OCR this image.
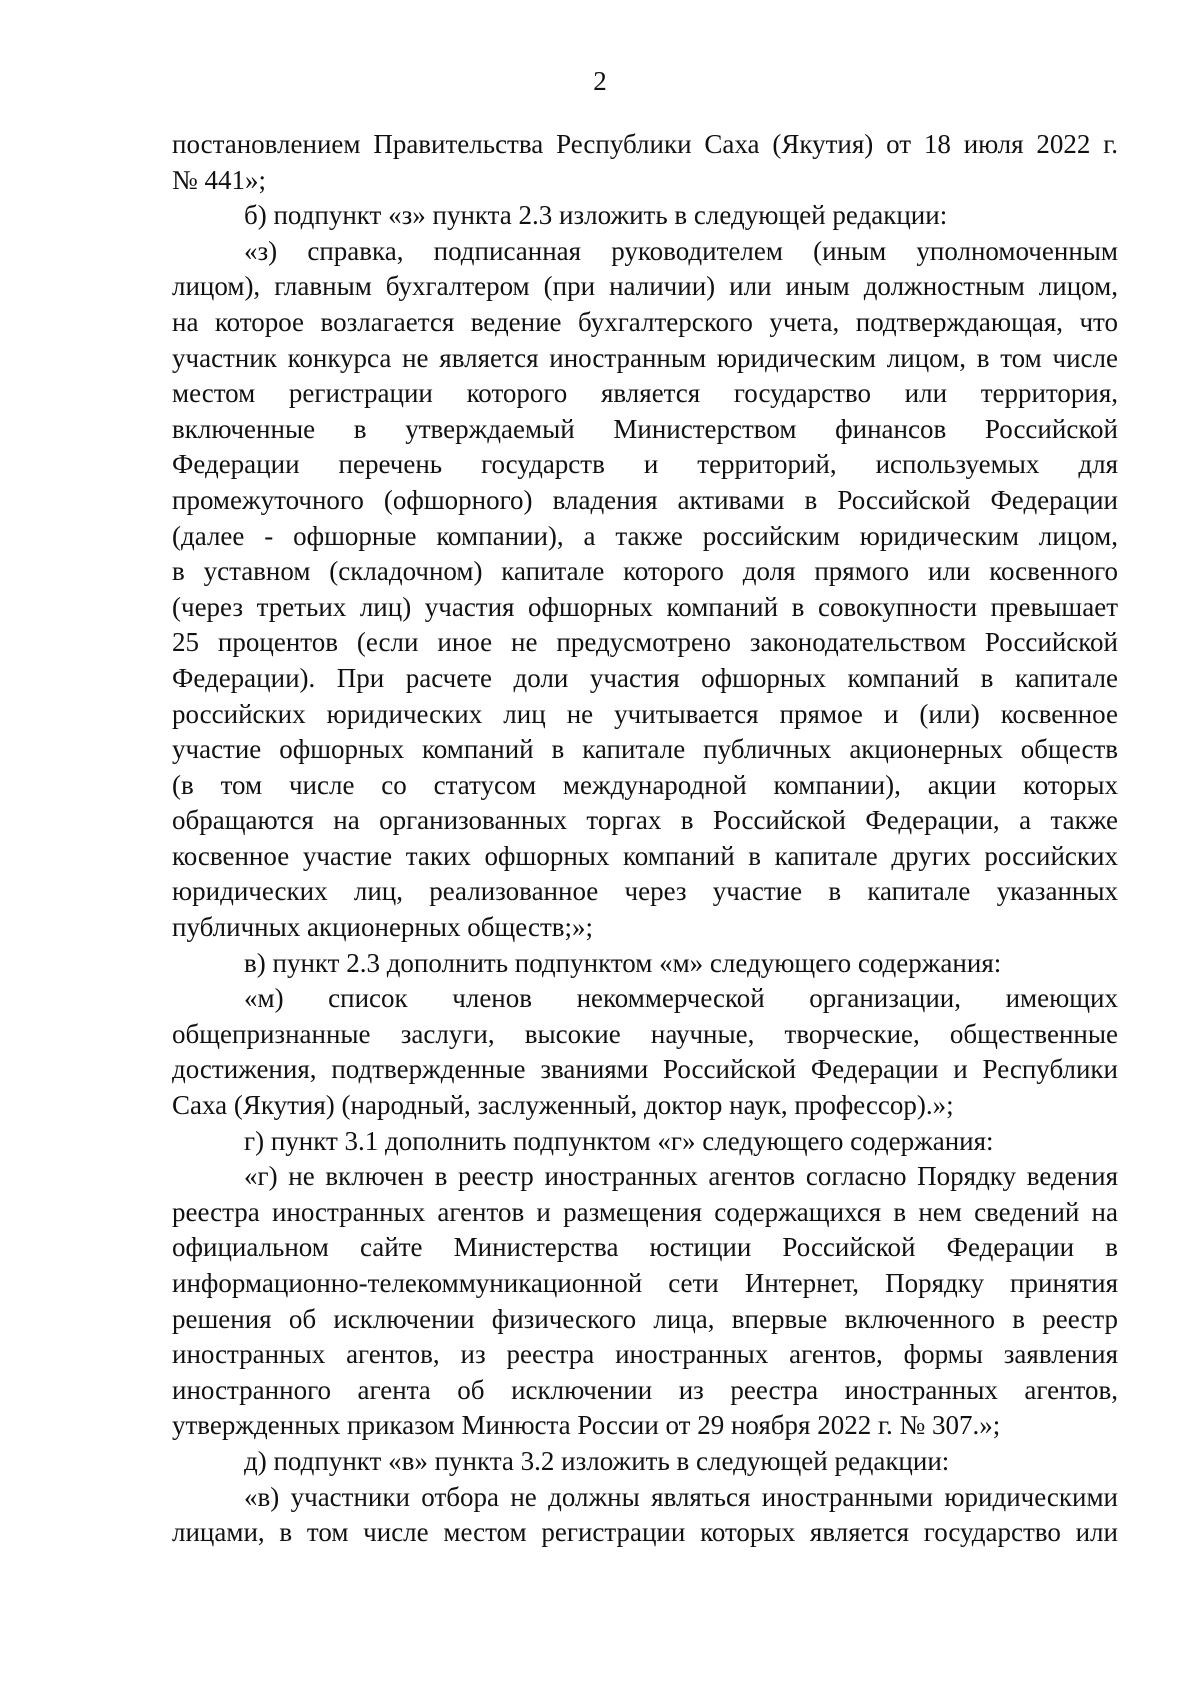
2
постановлением Правительства Республики Саха (Якутия) от 18 июля 2022 г.
№ 441»;
б) подпункт «з» пункта 2.3 изложить в следующей редакции:
«з) справка, подписанная руководителем (иным уполномоченным
лицом), главным бухгалтером (при наличии) или иным должностным лицом,
на которое возлагается ведение бухгалтерского учета, подтверждающая, что
участник конкурса не является иностранным юридическим лицом, в том числе
местом регистрации которого является государство или территория,
включенные в утверждаемый Министерством финансов Российской
Федерации перечень государств и территорий, используемых для
промежуточного (офшорного) владения активами в Российской Федерации
(далее - офшорные компании), а также российским юридическим лицом,
в уставном (складочном) капитале которого доля прямого или косвенного
(через третьих лиц) участия офшорных компаний в совокупности превышает
25 процентов (если иное не предусмотрено законодательством Российской
Федерации). При расчете доли участия офшорных компаний в капитале
российских юридических лиц не учитывается прямое и (или) косвенное
участие офшорных компаний в капитале публичных акционерных обществ
(в том числе со статусом международной компании), акции которых
обращаются на организованных торгах в Российской Федерации, а также
косвенное участие таких офшорных компаний в капитале других российских
юридических лиц, реализованное через участие в капитале указанных
публичных акционерных обществ;»;
в) пункт 2.3 дополнить подпунктом «м» следующего содержания:
«м) список членов некоммерческой организации, имеющих
общепризнанные заслуги, высокие научные, творческие, общественные
достижения, подтвержденные званиями Российской Федерации и Республики
Саха (Якутия) (народный, заслуженный, доктор наук, профессор).»;
г) пункт 3.1 дополнить подпунктом «г» следующего содержания:
«г) не включен в реестр иностранных агентов согласно Порядку ведения
реестра иностранных агентов и размещения содержащихся в нем сведений на
официальном сайте Министерства юстиции Российской Федерации в
информационно-телекоммуникационной сети Интернет, Порядку принятия
решения об исключении физического лица, впервые включенного в реестр
иностранных агентов, из реестра иностранных агентов, формы заявления
иностранного агента об исключении из реестра иностранных агентов,
утвержденных приказом Минюста России от 29 ноября 2022 г. № 307.»;
д) подпункт «в» пункта 3.2 изложить в следующей редакции:
«в) участники отбора не должны являться иностранными юридическими
лицами, в том числе местом регистрации которых является государство или
